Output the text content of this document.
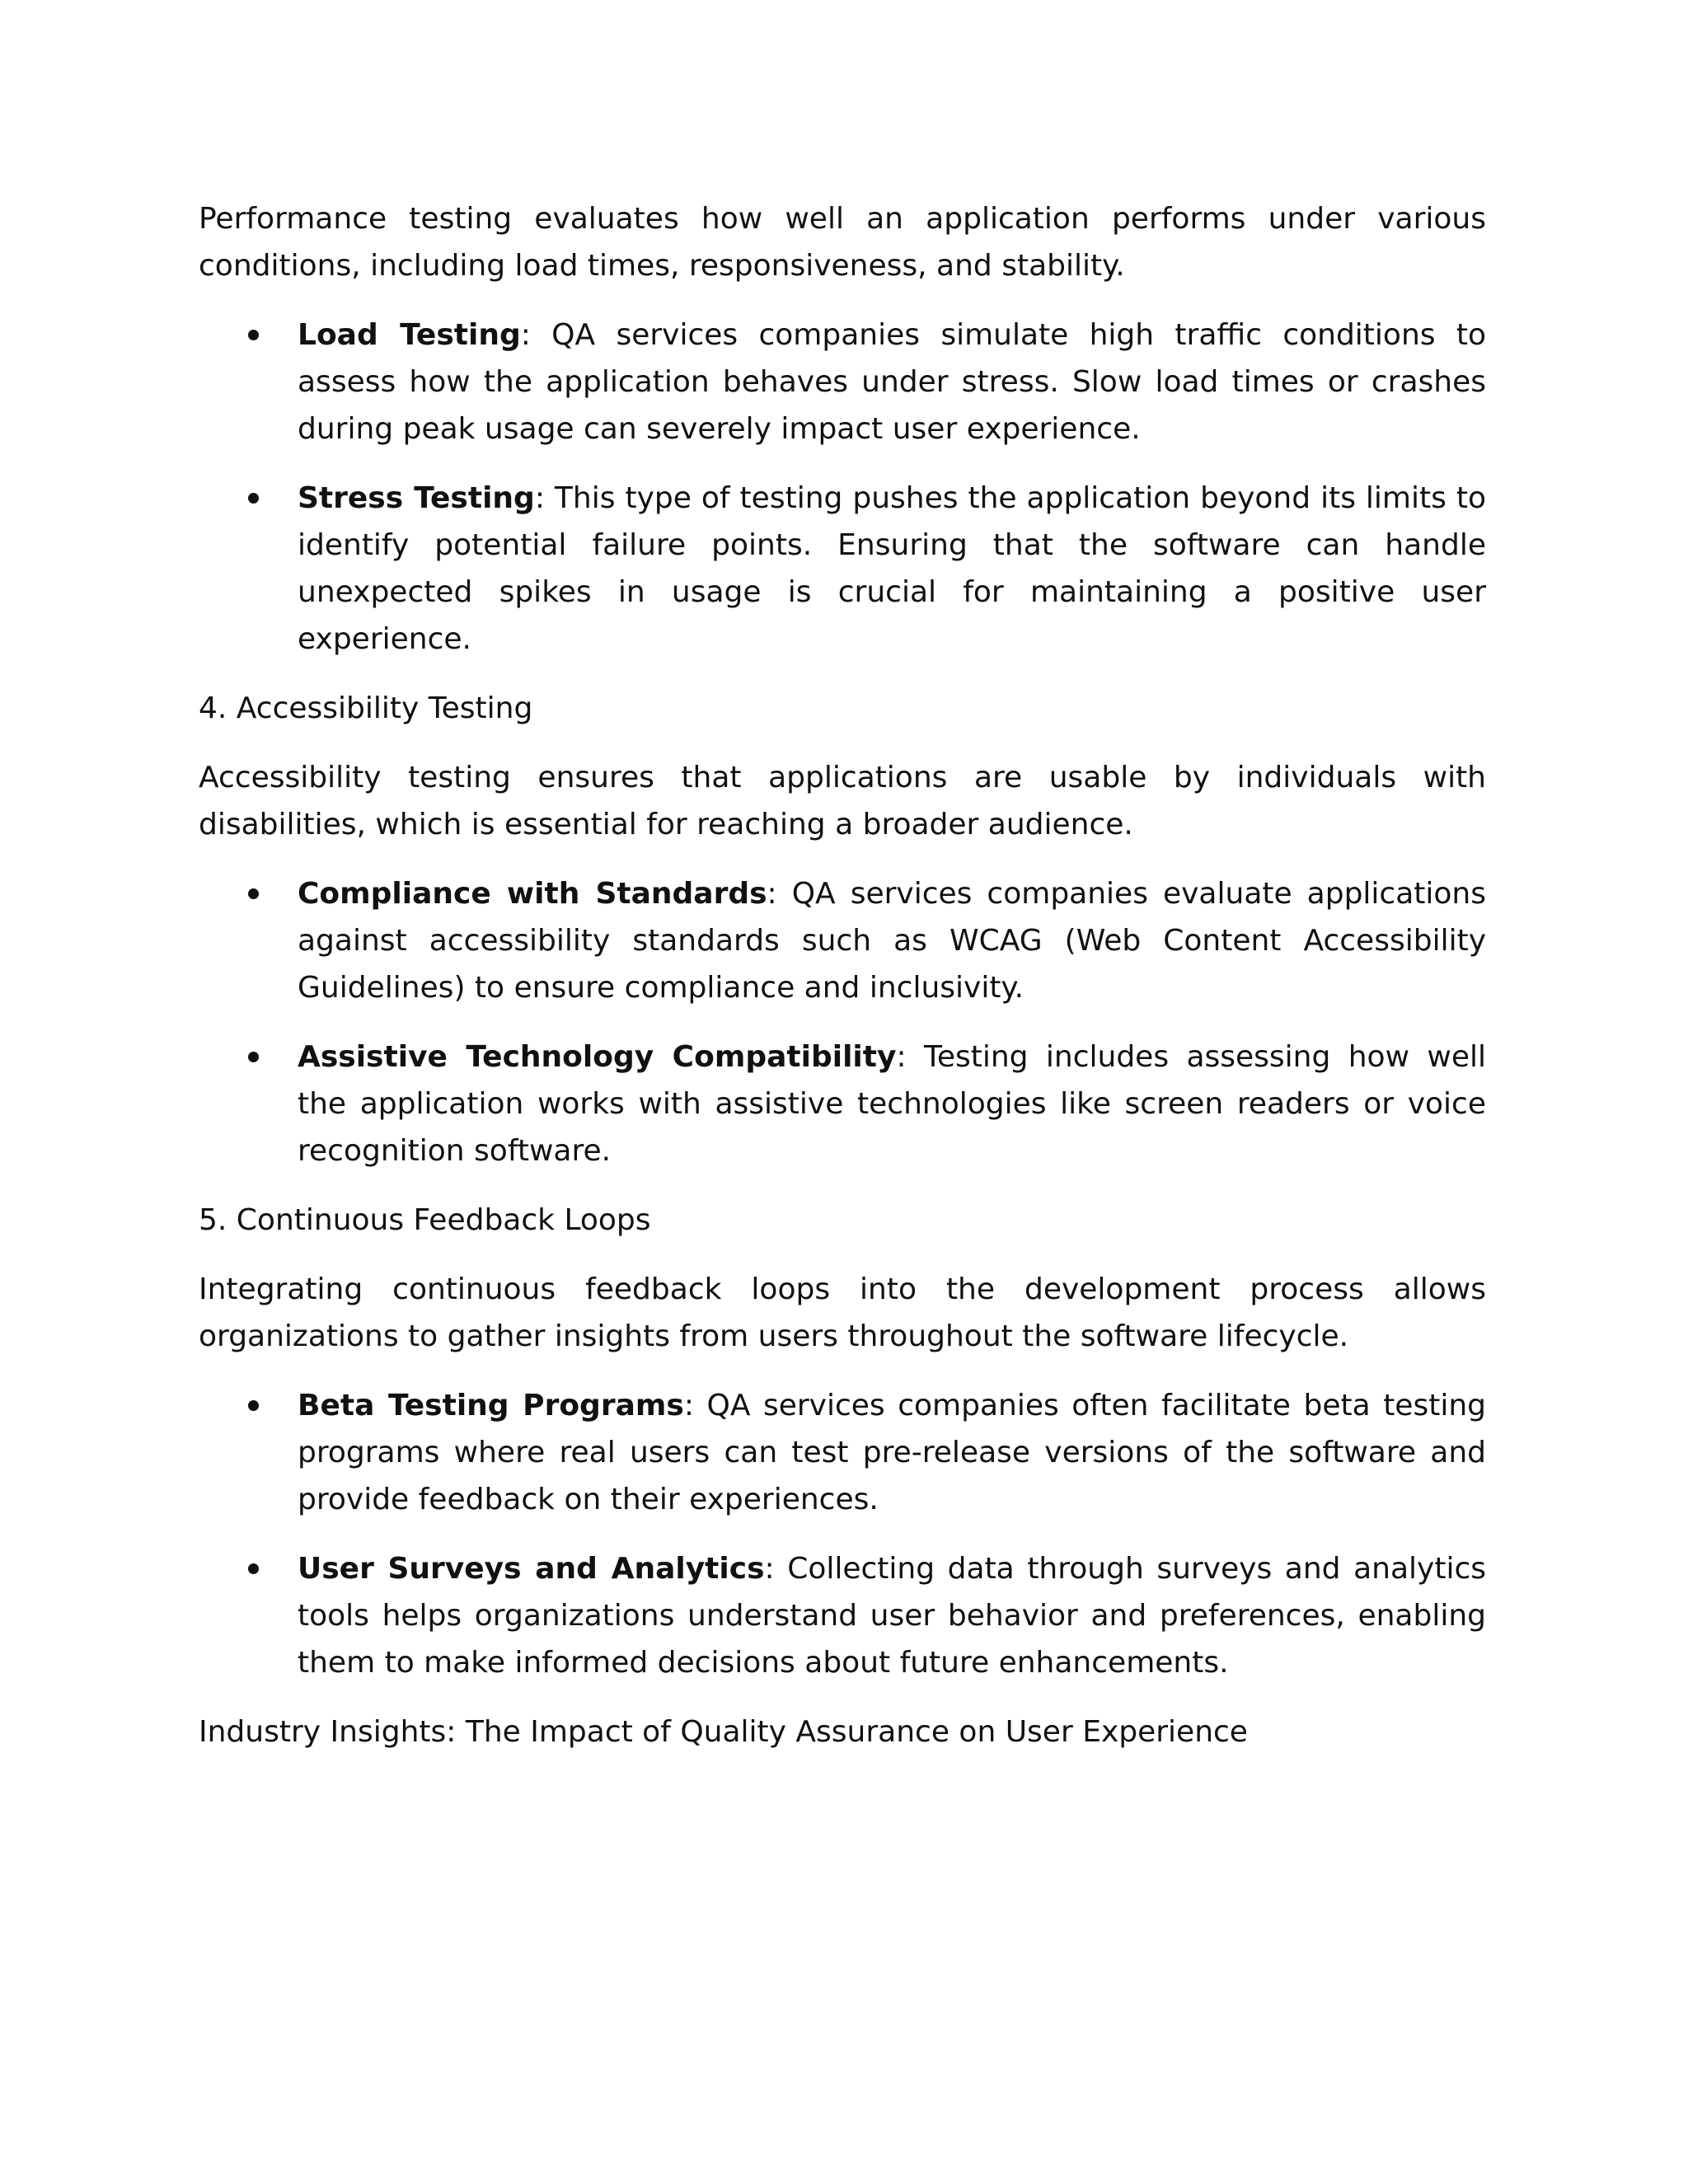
Performance testing evaluates how well an application performs under various conditions, including load times, responsiveness, and stability.

Load Testing: QA services companies simulate high traffic conditions to assess how the application behaves under stress. Slow load times or crashes during peak usage can severely impact user experience.
Stress Testing: This type of testing pushes the application beyond its limits to identify potential failure points. Ensuring that the software can handle unexpected spikes in usage is crucial for maintaining a positive user experience.

4. Accessibility Testing

Accessibility testing ensures that applications are usable by individuals with disabilities, which is essential for reaching a broader audience.

Compliance with Standards: QA services companies evaluate applications against accessibility standards such as WCAG (Web Content Accessibility Guidelines) to ensure compliance and inclusivity.
Assistive Technology Compatibility: Testing includes assessing how well the application works with assistive technologies like screen readers or voice recognition software.

5. Continuous Feedback Loops

Integrating continuous feedback loops into the development process allows organizations to gather insights from users throughout the software lifecycle.

Beta Testing Programs: QA services companies often facilitate beta testing programs where real users can test pre-release versions of the software and provide feedback on their experiences.
User Surveys and Analytics: Collecting data through surveys and analytics tools helps organizations understand user behavior and preferences, enabling them to make informed decisions about future enhancements.

Industry Insights: The Impact of Quality Assurance on User Experience
